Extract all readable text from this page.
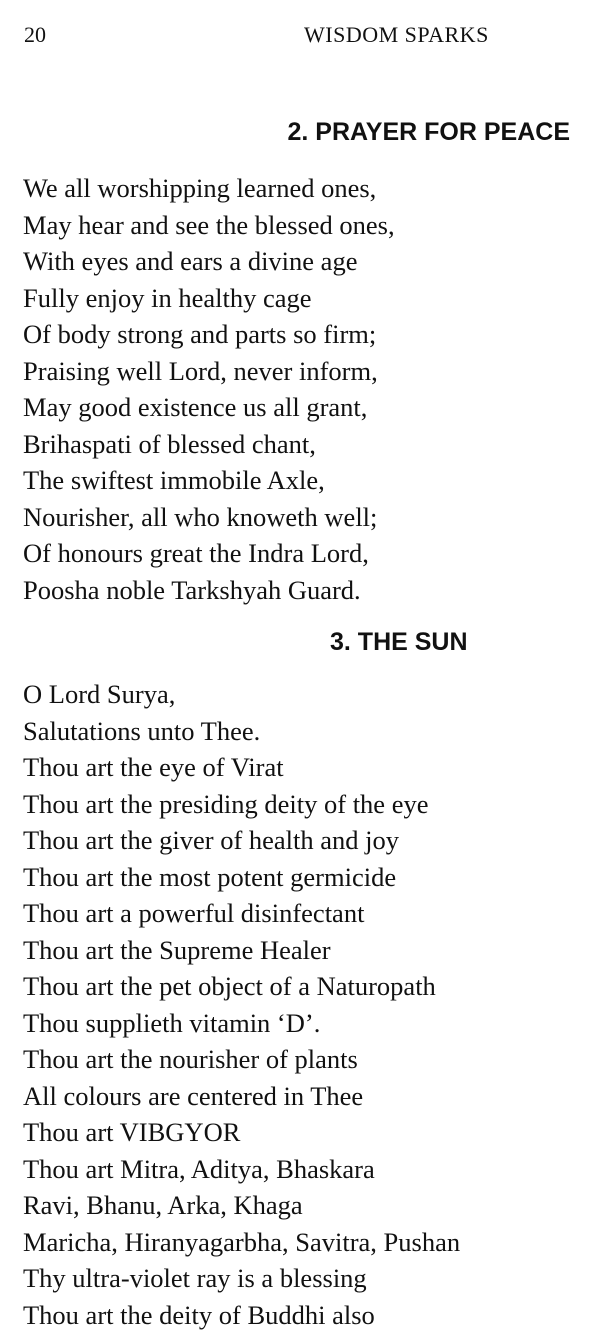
20	WISDOM SPARKS
2. PRAYER FOR PEACE
We all worshipping learned ones,
May hear and see the blessed ones,
With eyes and ears a divine age
Fully enjoy in healthy cage
Of body strong and parts so firm;
Praising well Lord, never inform,
May good existence us all grant,
Brihaspati of blessed chant,
The swiftest immobile Axle,
Nourisher, all who knoweth well;
Of honours great the Indra Lord,
Poosha noble Tarkshyah Guard.
3. THE SUN
O Lord Surya,
Salutations unto Thee.
Thou art the eye of Virat
Thou art the presiding deity of the eye
Thou art the giver of health and joy
Thou art the most potent germicide
Thou art a powerful disinfectant
Thou art the Supreme Healer
Thou art the pet object of a Naturopath
Thou supplieth vitamin ‘D’.
Thou art the nourisher of plants
All colours are centered in Thee
Thou art VIBGYOR
Thou art Mitra, Aditya, Bhaskara
Ravi, Bhanu, Arka, Khaga
Maricha, Hiranyagarbha, Savitra, Pushan
Thy ultra-violet ray is a blessing
Thou art the deity of Buddhi also
